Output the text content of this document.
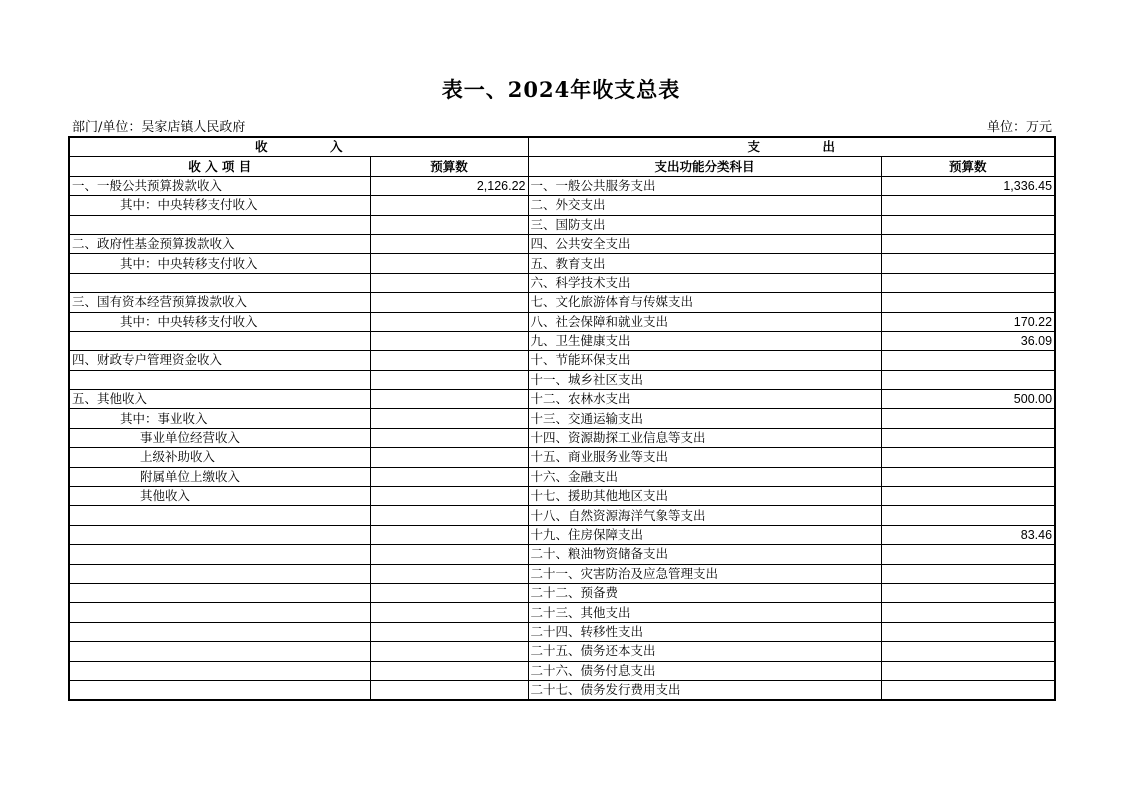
表一、2024年收支总表
部门/单位：吴家店镇人民政府	单位：万元
收　　　　　入		支　　　　　出	
收 入 项 目	预算数	支出功能分类科目	预算数
一、一般公共预算拨款收入	2,126.22	一、一般公共服务支出	1,336.45
其中：中央转移支付收入		二、外交支出	
		三、国防支出	
二、政府性基金预算拨款收入		四、公共安全支出	
其中：中央转移支付收入		五、教育支出	
		六、科学技术支出	
三、国有资本经营预算拨款收入		七、文化旅游体育与传媒支出	
其中：中央转移支付收入		八、社会保障和就业支出	170.22
		九、卫生健康支出	36.09
四、财政专户管理资金收入		十、节能环保支出	
		十一、城乡社区支出	
五、其他收入		十二、农林水支出	500.00
其中：事业收入		十三、交通运输支出	
事业单位经营收入		十四、资源勘探工业信息等支出	
上级补助收入		十五、商业服务业等支出	
附属单位上缴收入		十六、金融支出	
其他收入		十七、援助其他地区支出	
		十八、自然资源海洋气象等支出	
		十九、住房保障支出	83.46
		二十、粮油物资储备支出	
		二十一、灾害防治及应急管理支出	
		二十二、预备费	
		二十三、其他支出	
		二十四、转移性支出	
		二十五、债务还本支出	
		二十六、债务付息支出	
		二十七、债务发行费用支出	
